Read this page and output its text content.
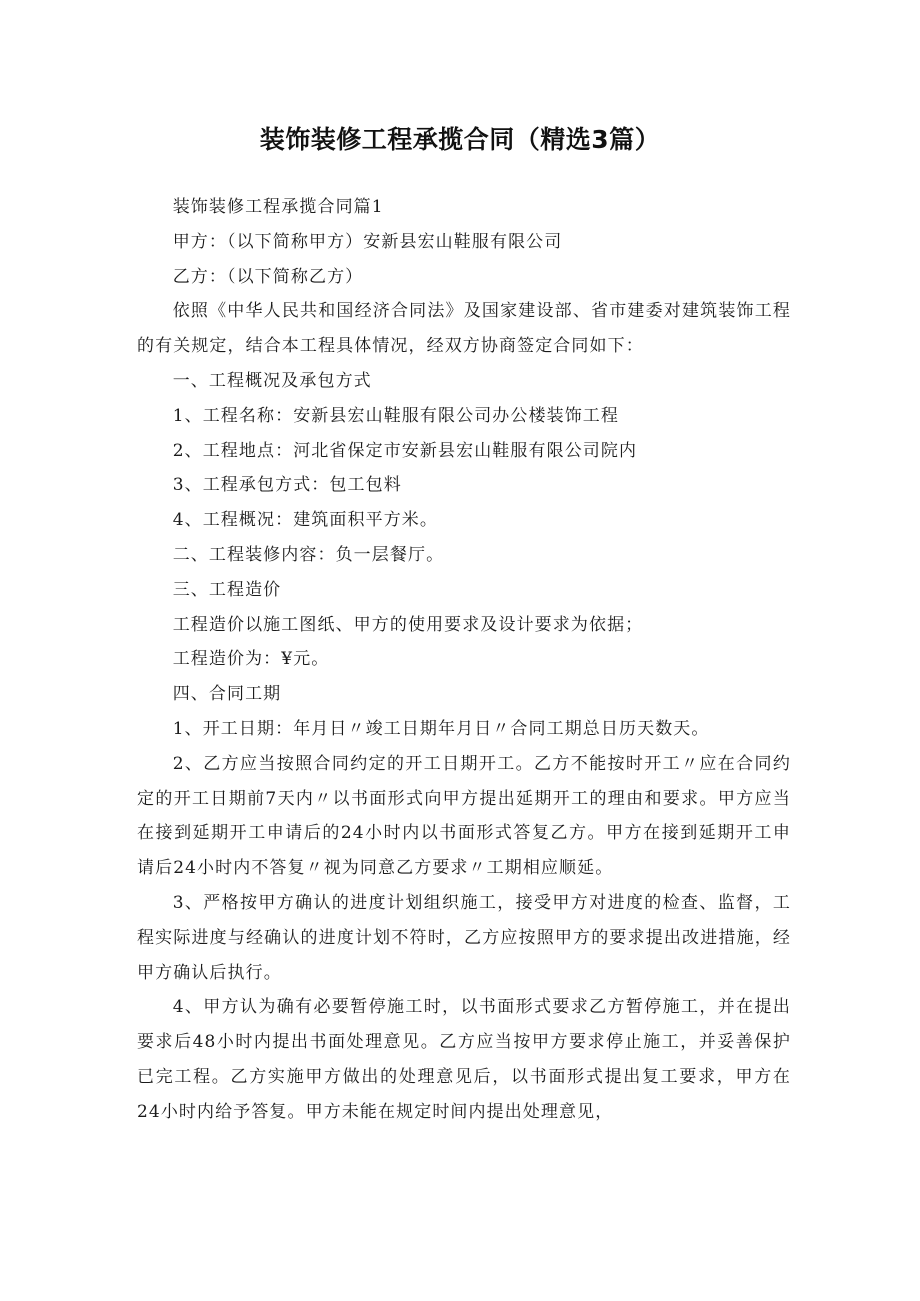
装饰装修工程承揽合同（精选3篇）

装饰装修工程承揽合同篇1

甲方：（以下简称甲方）安新县宏山鞋服有限公司

乙方：（以下简称乙方）

依照《中华人民共和国经济合同法》及国家建设部、省市建委对建筑装饰工程的有关规定，结合本工程具体情况，经双方协商签定合同如下：

一、工程概况及承包方式

1、工程名称：安新县宏山鞋服有限公司办公楼装饰工程

2、工程地点：河北省保定市安新县宏山鞋服有限公司院内

3、工程承包方式：包工包料

4、工程概况：建筑面积平方米。

二、工程装修内容：负一层餐厅。

三、工程造价

工程造价以施工图纸、甲方的使用要求及设计要求为依据；

工程造价为：¥元。

四、合同工期

1、开工日期：年月日〃竣工日期年月日〃合同工期总日历天数天。

2、乙方应当按照合同约定的开工日期开工。乙方不能按时开工〃应在合同约定的开工日期前7天内〃以书面形式向甲方提出延期开工的理由和要求。甲方应当在接到延期开工申请后的24小时内以书面形式答复乙方。甲方在接到延期开工申请后24小时内不答复〃视为同意乙方要求〃工期相应顺延。

3、严格按甲方确认的进度计划组织施工，接受甲方对进度的检查、监督，工程实际进度与经确认的进度计划不符时，乙方应按照甲方的要求提出改进措施，经甲方确认后执行。

4、甲方认为确有必要暂停施工时，以书面形式要求乙方暂停施工，并在提出要求后48小时内提出书面处理意见。乙方应当按甲方要求停止施工，并妥善保护已完工程。乙方实施甲方做出的处理意见后，以书面形式提出复工要求，甲方在24小时内给予答复。甲方未能在规定时间内提出处理意见，
